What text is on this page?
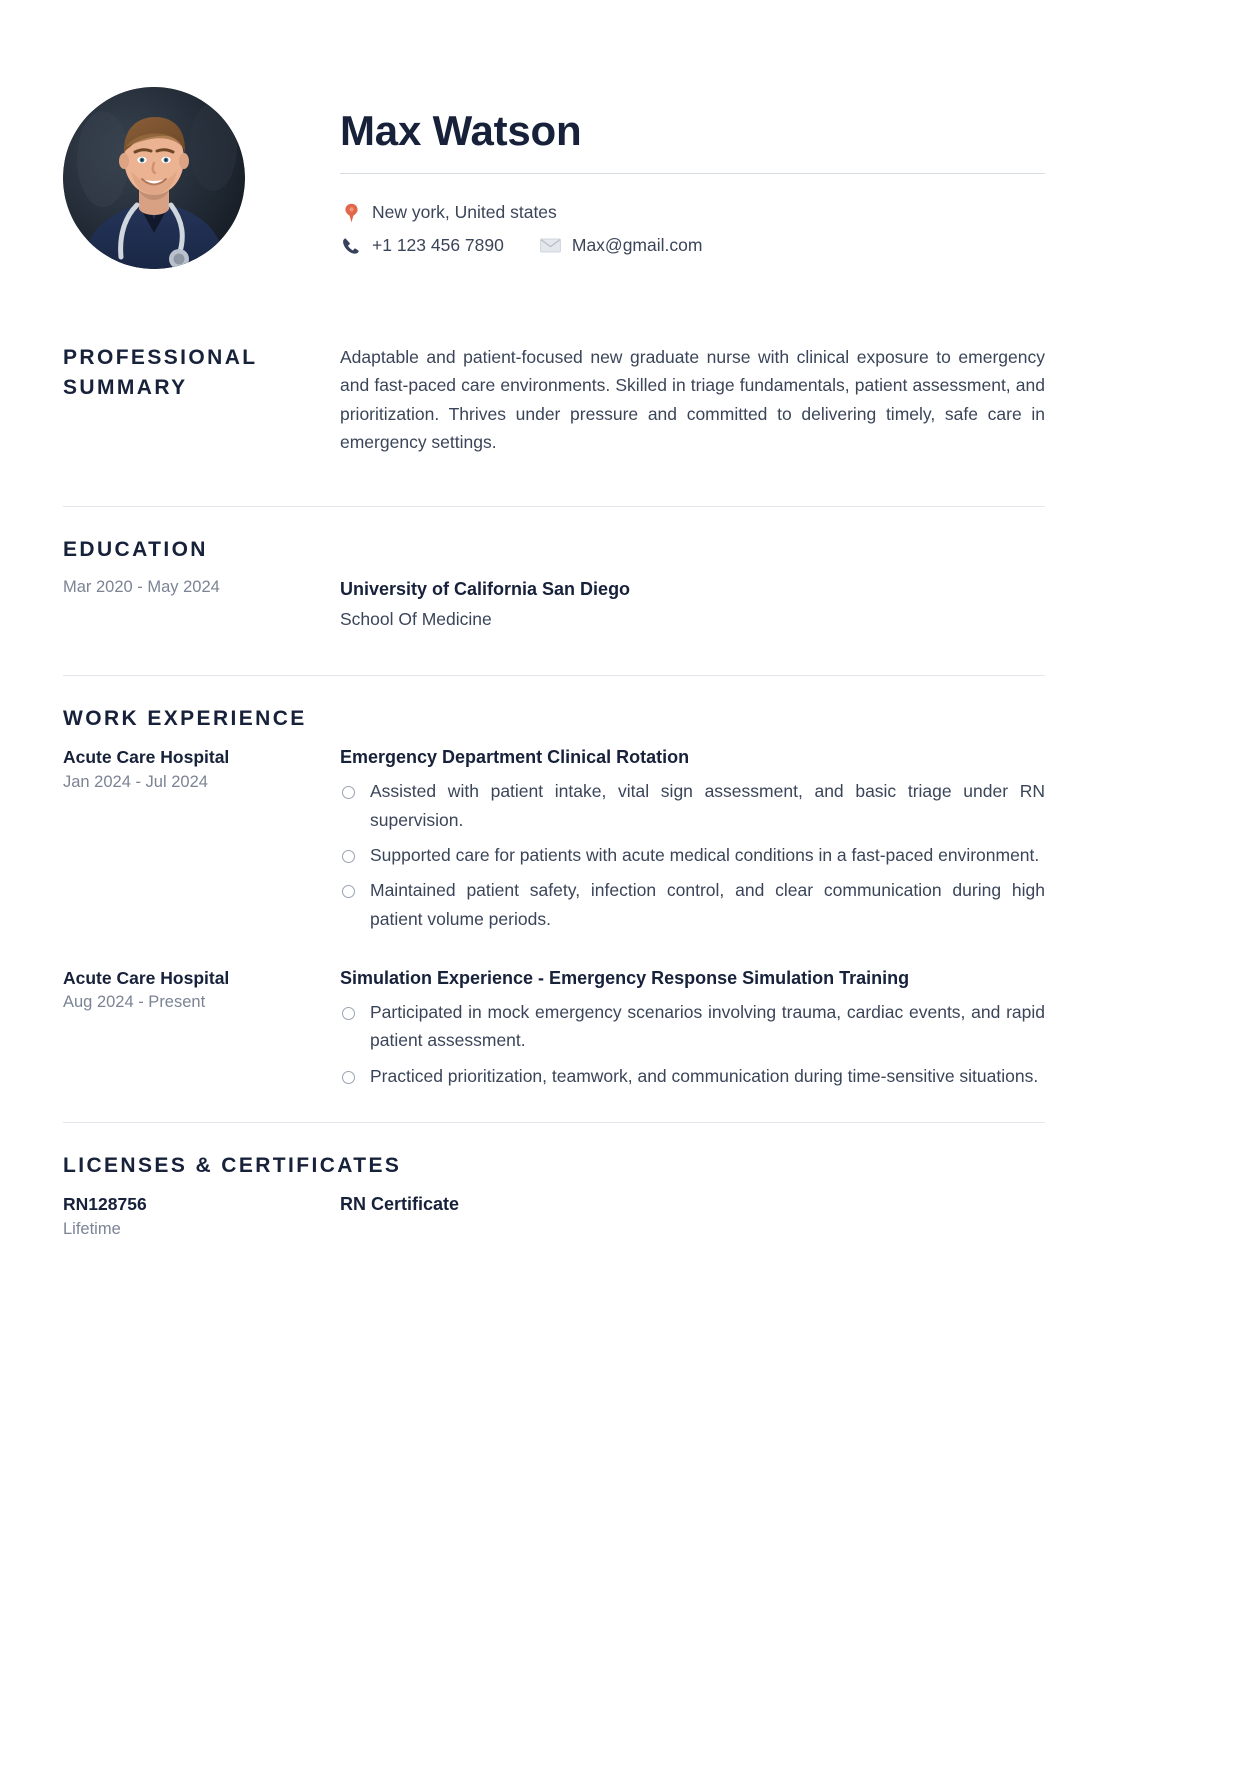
Max Watson
New york, United states
+1 123 456 7890	Max@gmail.com
PROFESSIONAL
SUMMARY

Adaptable and patient-focused new graduate nurse with clinical exposure to emergency and fast-paced care environments. Skilled in triage fundamentals, patient assessment, and prioritization. Thrives under pressure and committed to delivering timely, safe care in emergency settings.

EDUCATION
Mar 2020 - May 2024	University of California San Diego
School Of Medicine
WORK EXPERIENCE
Acute Care Hospital
Jan 2024 - Jul 2024
Emergency Department Clinical Rotation
Assisted with patient intake, vital sign assessment, and basic triage under RN supervision.
Supported care for patients with acute medical conditions in a fast-paced environment.
Maintained patient safety, infection control, and clear communication during high patient volume periods.
Acute Care Hospital
Aug 2024 - Present
Simulation Experience - Emergency Response Simulation Training
Participated in mock emergency scenarios involving trauma, cardiac events, and rapid patient assessment.
Practiced prioritization, teamwork, and communication during time-sensitive situations.
LICENSES & CERTIFICATES
RN128756
Lifetime
RN Certificate
